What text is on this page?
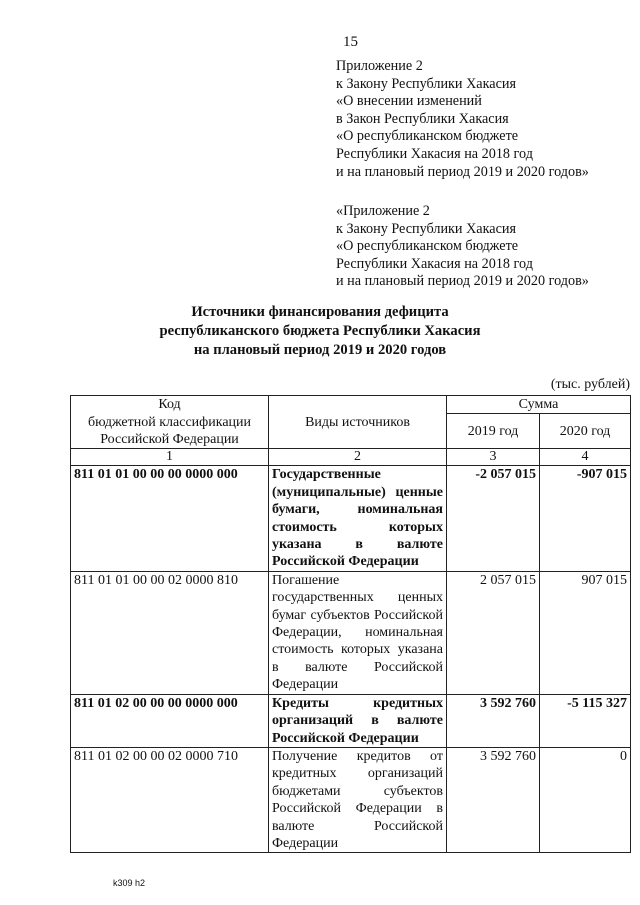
15
Приложение 2
к Закону Республики Хакасия
«О внесении изменений
в Закон Республики Хакасия
«О республиканском бюджете
Республики Хакасия на 2018 год
и на плановый период 2019 и 2020 годов»
«Приложение 2
к Закону Республики Хакасия
«О республиканском бюджете
Республики Хакасия на 2018 год
и на плановый период 2019 и 2020 годов»
Источники финансирования дефицита
республиканского бюджета Республики Хакасия
на плановый период 2019 и 2020 годов
(тыс. рублей)
Код
бюджетной классификации
Российской Федерации	Виды источников	Сумма	
		2019 год	2020 год
1	2	3	4
811 01 01 00 00 00 0000 000	Государственные (муниципальные) ценные бумаги, номинальная стоимость которых указана в валюте Российской Федерации	-2 057 015	-907 015
811 01 01 00 00 02 0000 810	Погашение государственных ценных бумаг субъектов Российской Федерации, номинальная стоимость которых указана в валюте Российской Федерации	2 057 015	907 015
811 01 02 00 00 00 0000 000	Кредиты кредитных организаций в валюте Российской Федерации	3 592 760	-5 115 327
811 01 02 00 00 02 0000 710	Получение кредитов от кредитных организаций бюджетами субъектов Российской Федерации в валюте Российской Федерации	3 592 760	0
k309 h2
